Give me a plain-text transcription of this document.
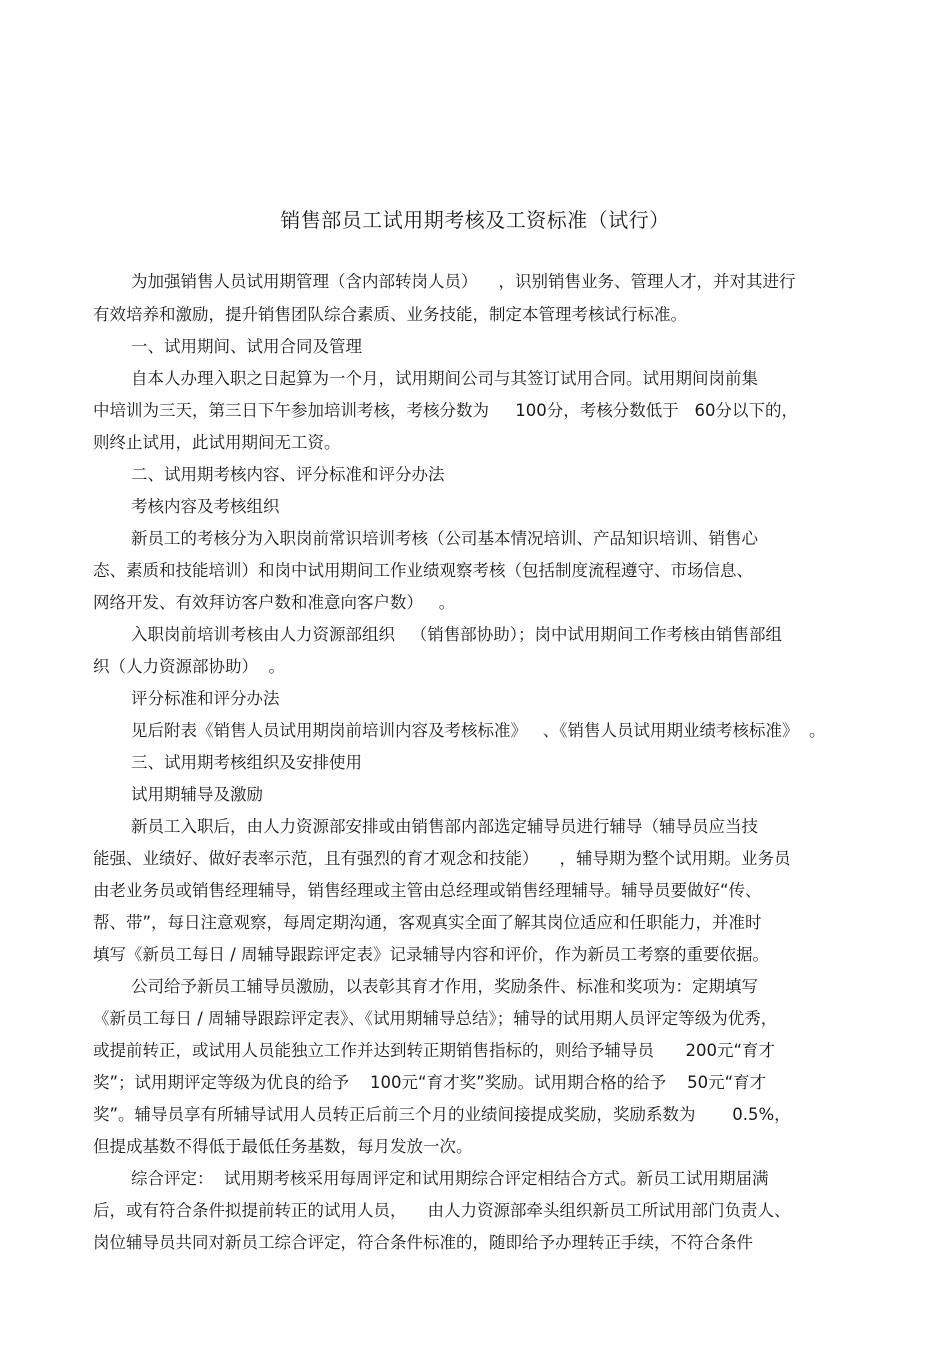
销售部员工试用期考核及工资标准（试行）
为加强销售人员试用期管理（含内部转岗人员）    ，识别销售业务、管理人才，并对其进行
有效培养和激励，提升销售团队综合素质、业务技能，制定本管理考核试行标准。
一、试用期间、试用合同及管理
自本人办理入职之日起算为一个月，试用期间公司与其签订试用合同。试用期间岗前集
中培训为三天，第三日下午参加培训考核，考核分数为     100分，考核分数低于   60分以下的，
则终止试用，此试用期间无工资。
二、试用期考核内容、评分标准和评分办法
考核内容及考核组织
新员工的考核分为入职岗前常识培训考核（公司基本情况培训、产品知识培训、销售心
态、素质和技能培训）和岗中试用期间工作业绩观察考核（包括制度流程遵守、市场信息、
网络开发、有效拜访客户数和准意向客户数）   。
入职岗前培训考核由人力资源部组织   （销售部协助）；岗中试用期间工作考核由销售部组
织（人力资源部协助）  。
评分标准和评分办法
见后附表《销售人员试用期岗前培训内容及考核标准》   、《销售人员试用期业绩考核标准》  。
三、试用期考核组织及安排使用
试用期辅导及激励
新员工入职后，由人力资源部安排或由销售部内部选定辅导员进行辅导（辅导员应当技
能强、业绩好、做好表率示范，且有强烈的育才观念和技能）    ，辅导期为整个试用期。业务员
由老业务员或销售经理辅导，销售经理或主管由总经理或销售经理辅导。辅导员要做好“传、
帮、带”，每日注意观察，每周定期沟通，客观真实全面了解其岗位适应和任职能力，并准时
填写《新员工每日 / 周辅导跟踪评定表》记录辅导内容和评价，作为新员工考察的重要依据。
公司给予新员工辅导员激励，以表彰其育才作用，奖励条件、标准和奖项为：定期填写
《新员工每日 / 周辅导跟踪评定表》、《试用期辅导总结》；辅导的试用期人员评定等级为优秀，
或提前转正，或试用人员能独立工作并达到转正期销售指标的，则给予辅导员      200元“育才
奖”；试用期评定等级为优良的给予    100元“育才奖”奖励。试用期合格的给予    50元“育才
奖”。辅导员享有所辅导试用人员转正后前三个月的业绩间接提成奖励，奖励系数为       0.5%，
但提成基数不得低于最低任务基数，每月发放一次。
综合评定：  试用期考核采用每周评定和试用期综合评定相结合方式。新员工试用期届满
后，或有符合条件拟提前转正的试用人员，    由人力资源部牵头组织新员工所试用部门负责人、
岗位辅导员共同对新员工综合评定，符合条件标准的，随即给予办理转正手续，不符合条件
